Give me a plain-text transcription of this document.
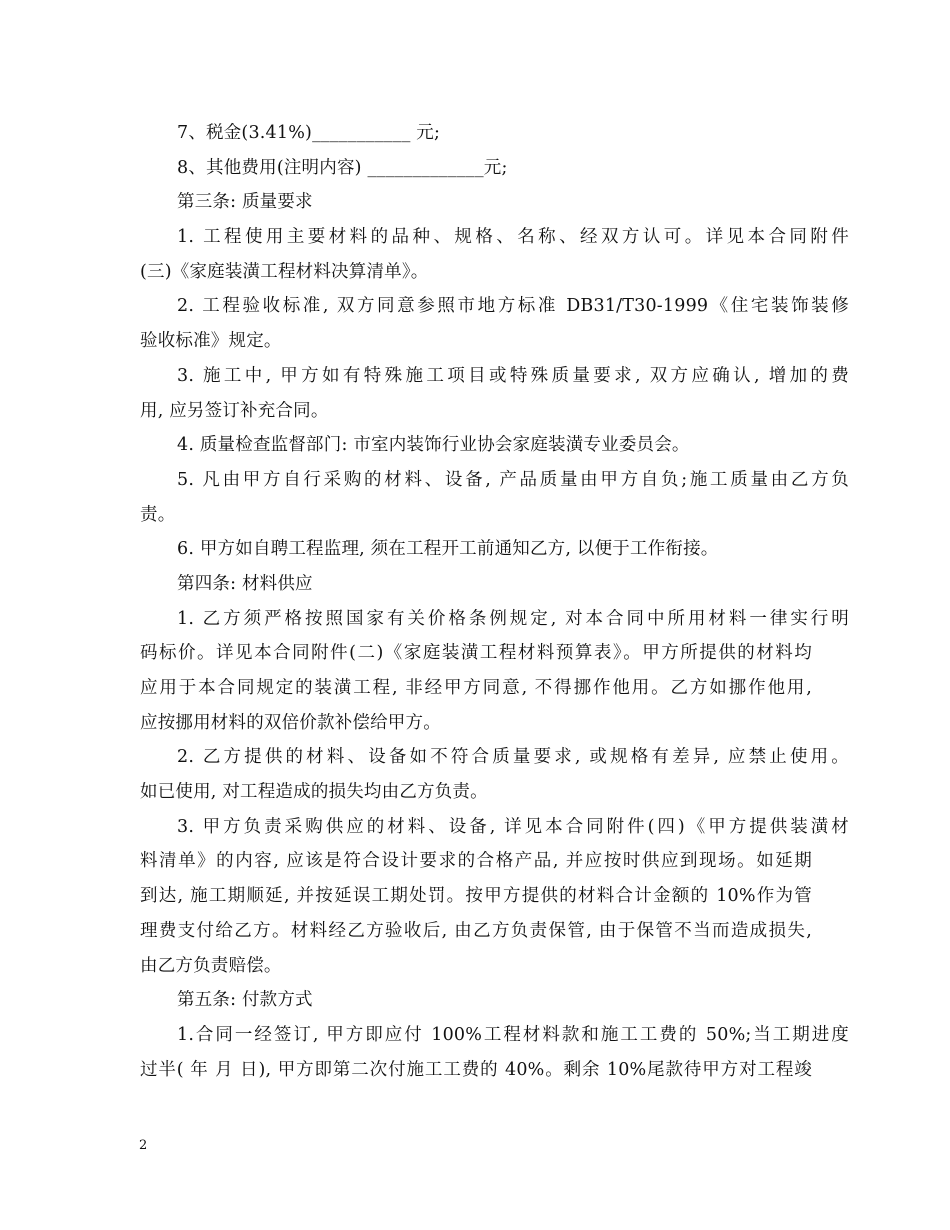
7、税金(3.41%)___________ 元;
8、其他费用(注明内容) _____________元;
第三条: 质量要求
1. 工程使用主要材料的品种、规格、名称、经双方认可。详见本合同附件
(三)《家庭装潢工程材料决算清单》。
2. 工程验收标准, 双方同意参照市地方标准 DB31/T30-1999《住宅装饰装修
验收标准》规定。
3. 施工中, 甲方如有特殊施工项目或特殊质量要求, 双方应确认, 增加的费
用, 应另签订补充合同。
4. 质量检查监督部门: 市室内装饰行业协会家庭装潢专业委员会。
5. 凡由甲方自行采购的材料、设备, 产品质量由甲方自负;施工质量由乙方负
责。
6. 甲方如自聘工程监理, 须在工程开工前通知乙方, 以便于工作衔接。
第四条: 材料供应
1. 乙方须严格按照国家有关价格条例规定, 对本合同中所用材料一律实行明
码标价。详见本合同附件(二)《家庭装潢工程材料预算表》。甲方所提供的材料均
应用于本合同规定的装潢工程, 非经甲方同意, 不得挪作他用。乙方如挪作他用,
应按挪用材料的双倍价款补偿给甲方。
2. 乙方提供的材料、设备如不符合质量要求, 或规格有差异, 应禁止使用。
如已使用, 对工程造成的损失均由乙方负责。
3. 甲方负责采购供应的材料、设备, 详见本合同附件(四)《甲方提供装潢材
料清单》的内容, 应该是符合设计要求的合格产品, 并应按时供应到现场。如延期
到达, 施工期顺延, 并按延误工期处罚。按甲方提供的材料合计金额的 10%作为管
理费支付给乙方。材料经乙方验收后, 由乙方负责保管, 由于保管不当而造成损失,
由乙方负责赔偿。
第五条: 付款方式
1.合同一经签订, 甲方即应付 100%工程材料款和施工工费的 50%;当工期进度
过半( 年 月 日), 甲方即第二次付施工工费的 40%。剩余 10%尾款待甲方对工程竣
2
